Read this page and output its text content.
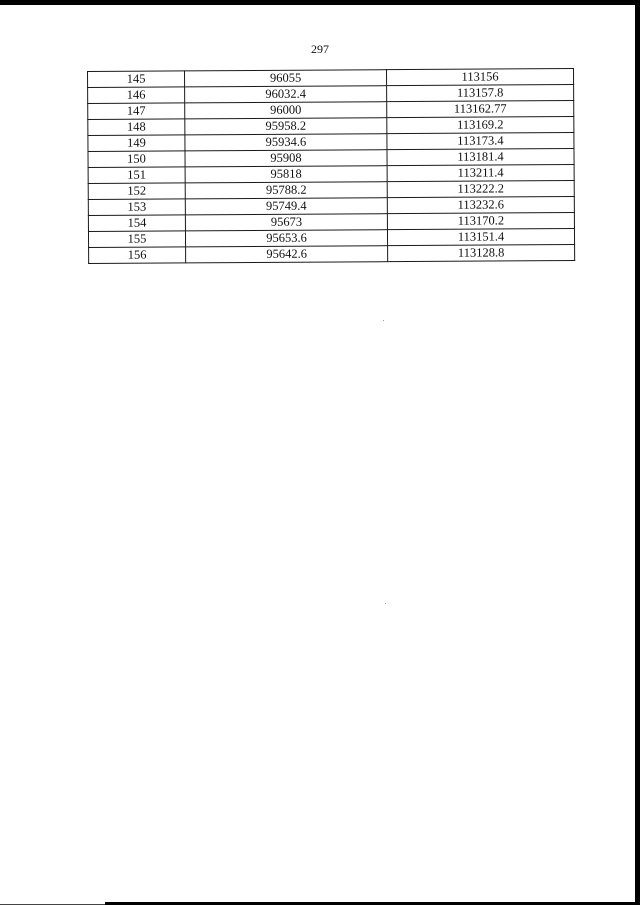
297
145	96055	113156
146	96032.4	113157.8
147	96000	113162.77
148	95958.2	113169.2
149	95934.6	113173.4
150	95908	113181.4
151	95818	113211.4
152	95788.2	113222.2
153	95749.4	113232.6
154	95673	113170.2
155	95653.6	113151.4
156	95642.6	113128.8
